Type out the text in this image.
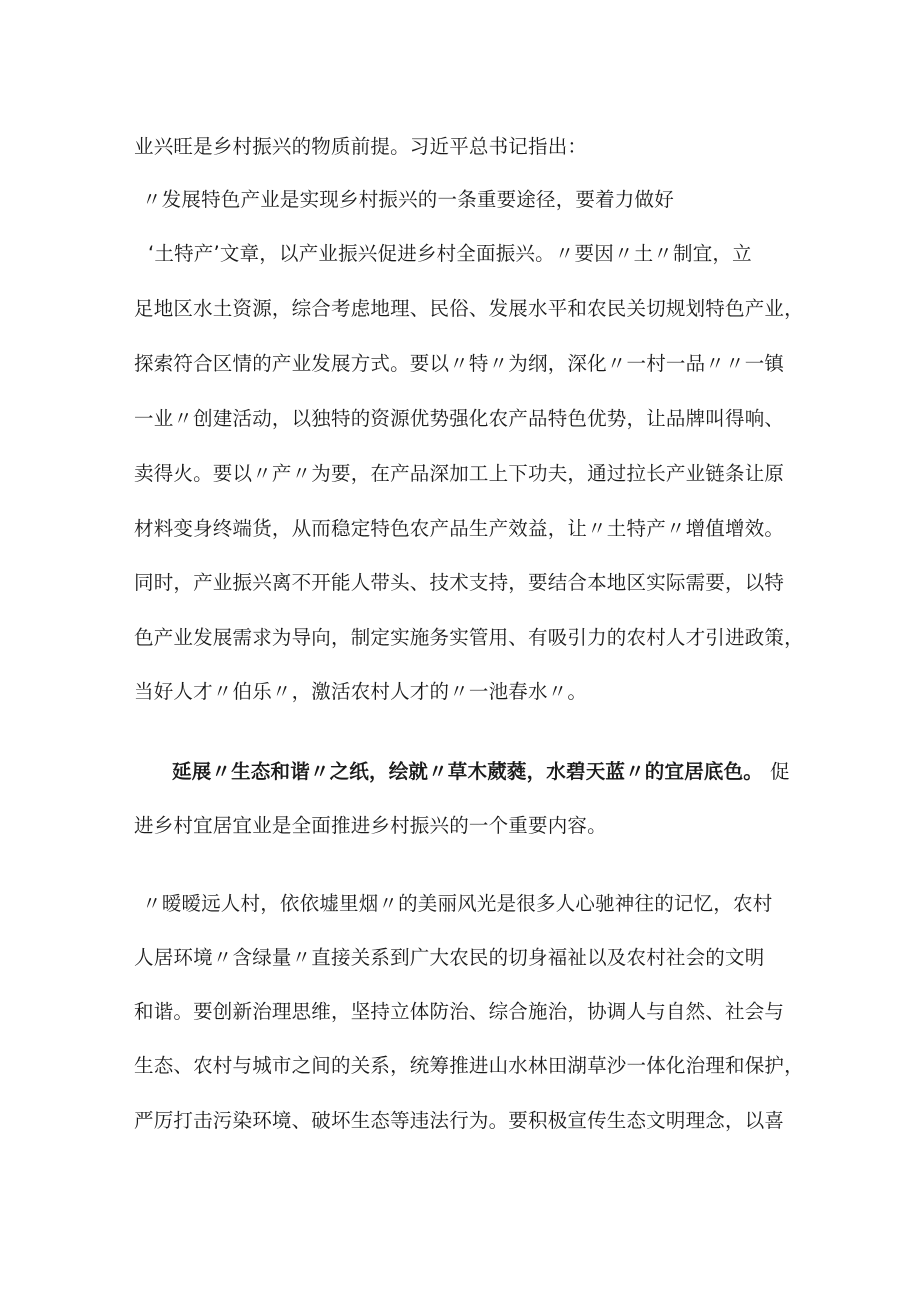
业兴旺是乡村振兴的物质前提。习近平总书记指出：
〃发展特色产业是实现乡村振兴的一条重要途径，要着力做好
‘土特产’文章，以产业振兴促进乡村全面振兴。〃要因〃土〃制宜，立
足地区水土资源，综合考虑地理、民俗、发展水平和农民关切规划特色产业，
探索符合区情的产业发展方式。要以〃特〃为纲，深化〃一村一品〃〃一镇
一业〃创建活动，以独特的资源优势强化农产品特色优势，让品牌叫得响、
卖得火。要以〃产〃为要，在产品深加工上下功夫，通过拉长产业链条让原
材料变身终端货，从而稳定特色农产品生产效益，让〃土特产〃增值增效。
同时，产业振兴离不开能人带头、技术支持，要结合本地区实际需要，以特
色产业发展需求为导向，制定实施务实管用、有吸引力的农村人才引进政策，
当好人才〃伯乐〃，激活农村人才的〃一池春水〃。
延展〃生态和谐〃之纸，绘就〃草木葳蕤，水碧天蓝〃的宜居底色。 促
进乡村宜居宜业是全面推进乡村振兴的一个重要内容。
〃暧暧远人村，依依墟里烟〃的美丽风光是很多人心驰神往的记忆，农村
人居环境〃含绿量〃直接关系到广大农民的切身福祉以及农村社会的文明
和谐。要创新治理思维，坚持立体防治、综合施治，协调人与自然、社会与
生态、农村与城市之间的关系，统筹推进山水林田湖草沙一体化治理和保护，
严厉打击污染环境、破坏生态等违法行为。要积极宣传生态文明理念，以喜
